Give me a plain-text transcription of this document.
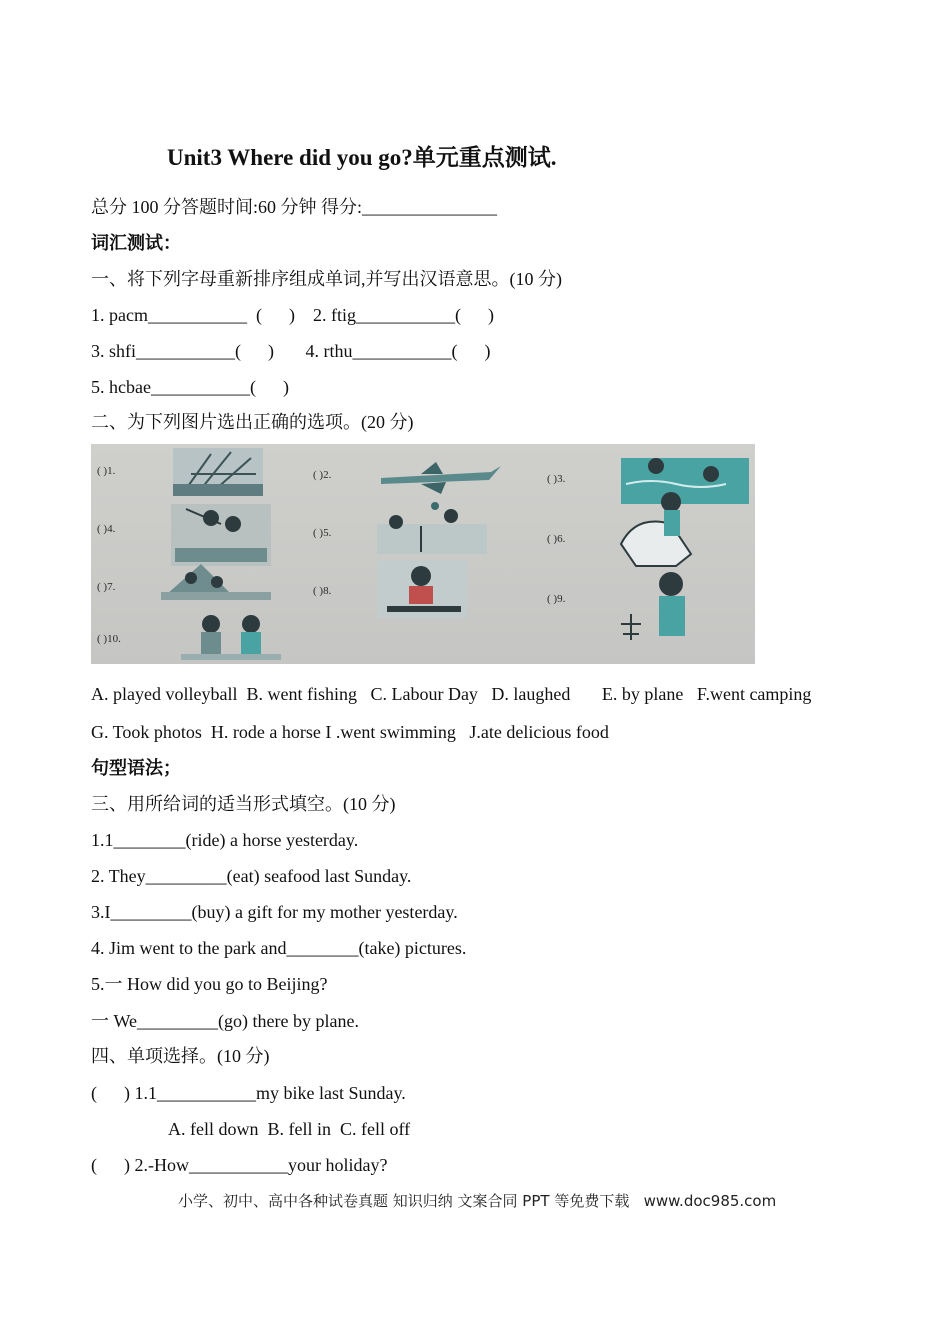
Unit3 Where did you go?单元重点测试.
总分 100 分答题时间:60 分钟 得分:_______________
词汇测试：
一、将下列字母重新排序组成单词,并写出汉语意思。(10 分)
1. pacm___________  (      )    2. ftig___________(      )
3. shfi___________(      )       4. rthu___________(      )
5. hcbae___________(      )
二、为下列图片选出正确的选项。(20 分)
( )1.	( )2.	( )3.
( )4.	( )5.	( )6.
( )7.	( )8.
( )9.
( )10.
A. played volleyball  B. went fishing   C. Labour Day   D. laughed       E. by plane   F.went camping
G. Took photos  H. rode a horse I .went swimming   J.ate delicious food
句型语法；
三、用所给词的适当形式填空。(10 分)
1.1________(ride) a horse yesterday.
2. They_________(eat) seafood last Sunday.
3.I_________(buy) a gift for my mother yesterday.
4. Jim went to the park and________(take) pictures.
5.一 How did you go to Beijing?
一 We_________(go) there by plane.
四、单项选择。(10 分)
(      ) 1.1___________my bike last Sunday.
A. fell down  B. fell in  C. fell off
(      ) 2.-How___________your holiday?
小学、初中、高中各种试卷真题 知识归纳 文案合同 PPT 等免费下载   www.doc985.com
